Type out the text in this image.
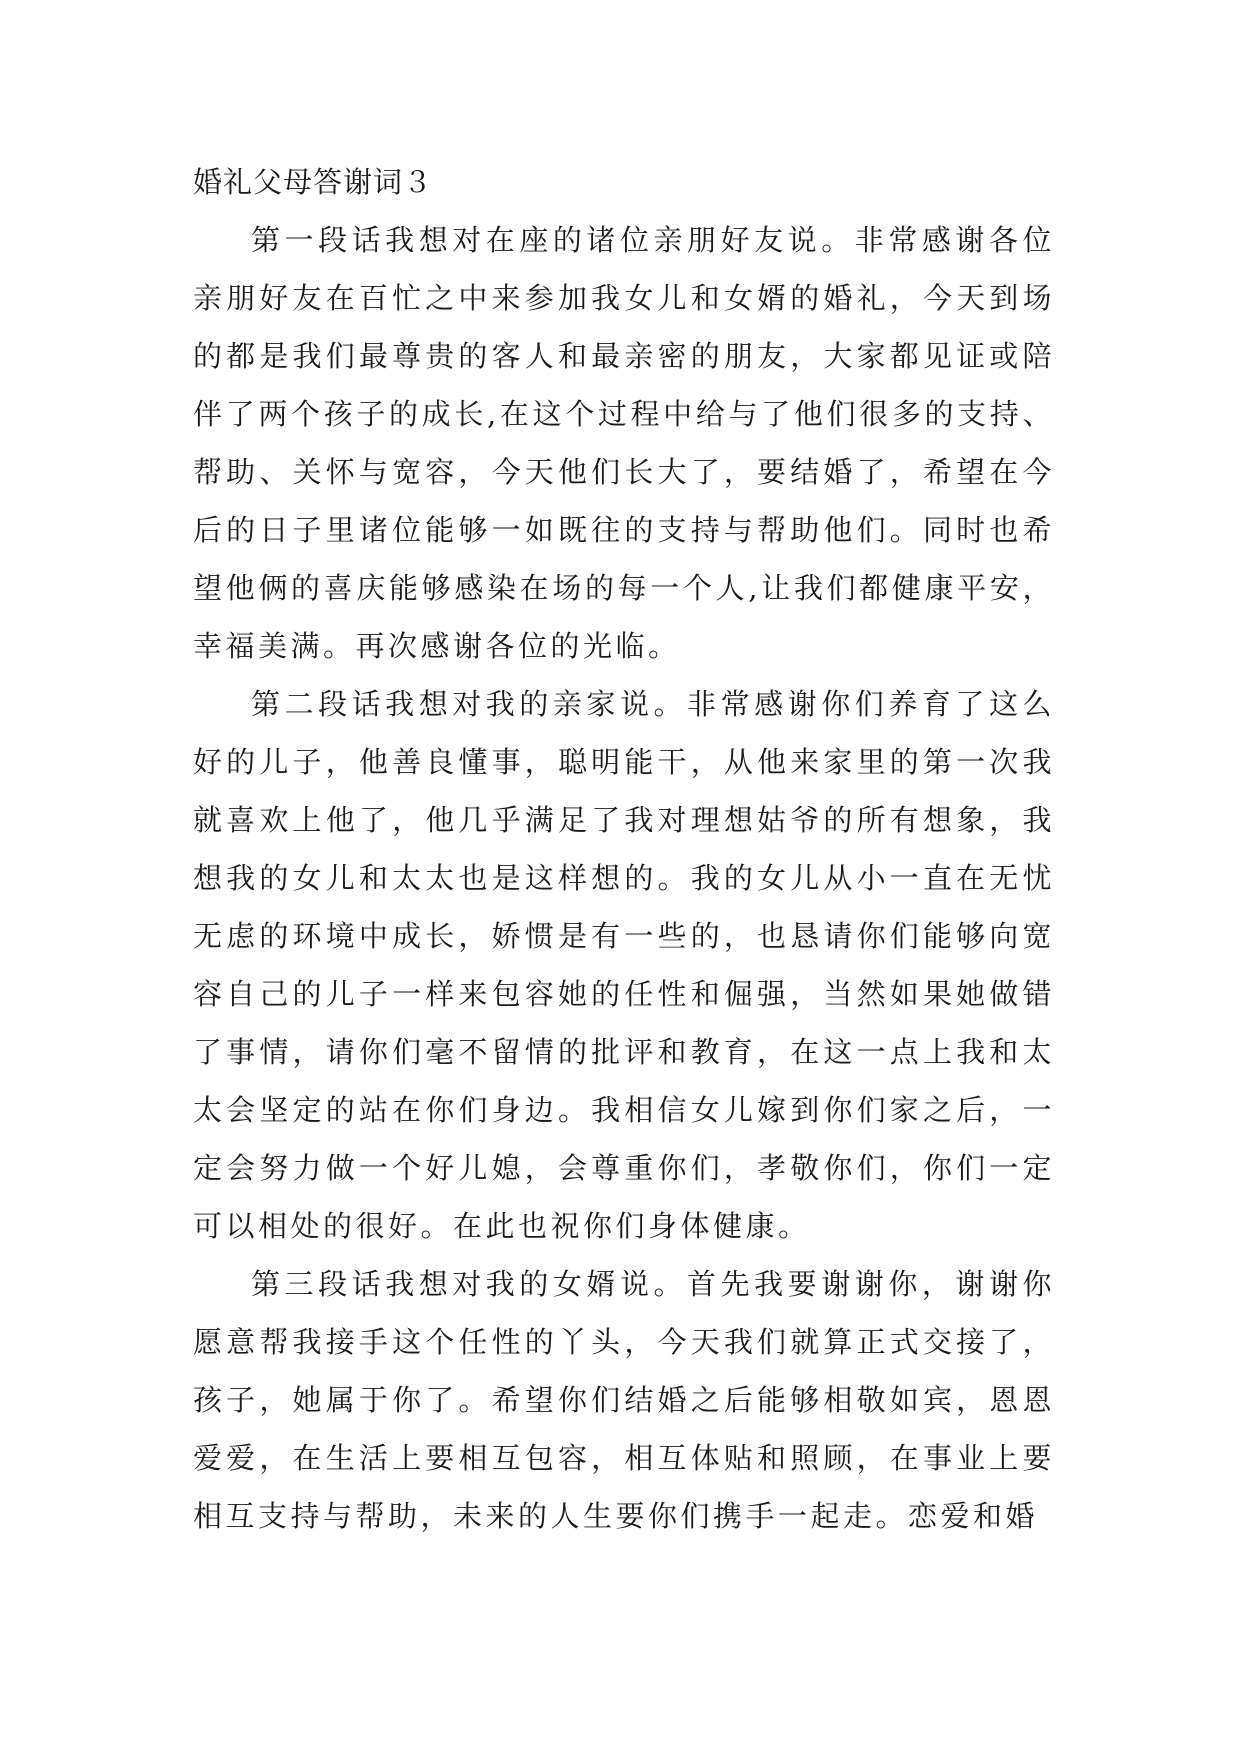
婚礼父母答谢词３

第一段话我想对在座的诸位亲朋好友说。非常感谢各位亲朋好友在百忙之中来参加我女儿和女婿的婚礼，今天到场的都是我们最尊贵的客人和最亲密的朋友，大家都见证或陪伴了两个孩子的成长,在这个过程中给与了他们很多的支持、帮助、关怀与宽容，今天他们长大了，要结婚了，希望在今后的日子里诸位能够一如既往的支持与帮助他们。同时也希望他俩的喜庆能够感染在场的每一个人,让我们都健康平安，幸福美满。再次感谢各位的光临。

第二段话我想对我的亲家说。非常感谢你们养育了这么好的儿子，他善良懂事，聪明能干，从他来家里的第一次我就喜欢上他了，他几乎满足了我对理想姑爷的所有想象，我想我的女儿和太太也是这样想的。我的女儿从小一直在无忧无虑的环境中成长，娇惯是有一些的，也恳请你们能够向宽容自己的儿子一样来包容她的任性和倔强，当然如果她做错了事情，请你们毫不留情的批评和教育，在这一点上我和太太会坚定的站在你们身边。我相信女儿嫁到你们家之后，一定会努力做一个好儿媳，会尊重你们，孝敬你们，你们一定可以相处的很好。在此也祝你们身体健康。

第三段话我想对我的女婿说。首先我要谢谢你，谢谢你愿意帮我接手这个任性的丫头，今天我们就算正式交接了，孩子，她属于你了。希望你们结婚之后能够相敬如宾，恩恩爱爱，在生活上要相互包容，相互体贴和照顾，在事业上要相互支持与帮助，未来的人生要你们携手一起走。恋爱和婚
